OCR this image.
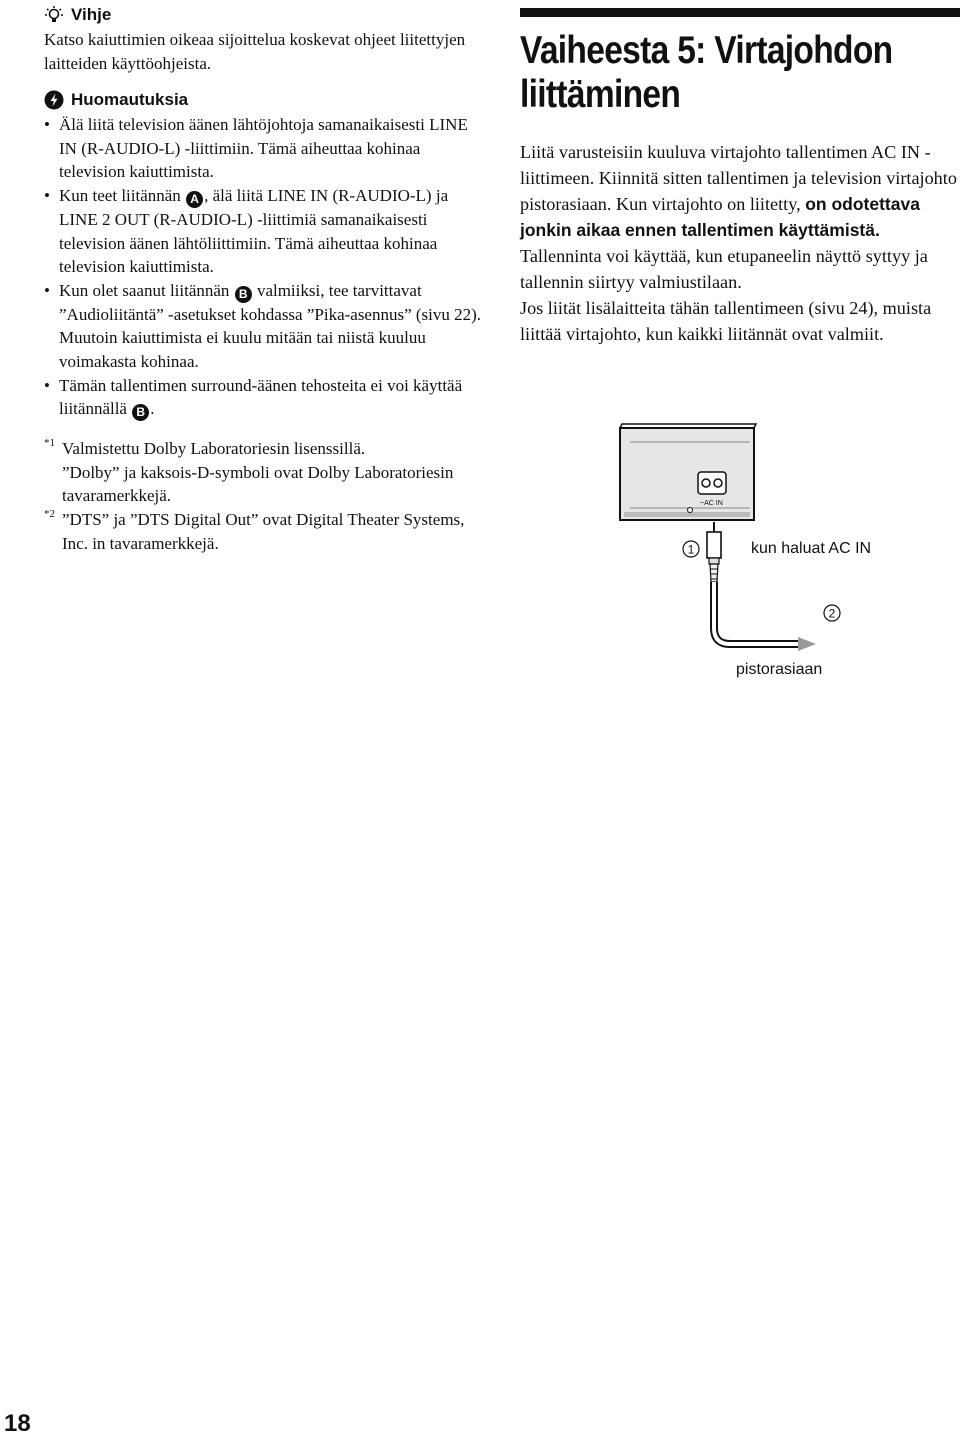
Vihje

Katso kaiuttimien oikeaa sijoittelua koskevat ohjeet liitettyjen laitteiden käyttöohjeista.

Huomautuksia
• Älä liitä television äänen lähtöjohtoja samanaikaisesti LINE IN (R-AUDIO-L) -liittimiin. Tämä aiheuttaa kohinaa television kaiuttimista.
• Kun teet liitännän A , älä liitä LINE IN (R-AUDIO-L) ja LINE 2 OUT (R-AUDIO-L) -liittimiä samanaikaisesti television äänen lähtöliittimiin. Tämä aiheuttaa kohinaa television kaiuttimista.
• Kun olet saanut liitännän B valmiiksi, tee tarvittavat ”Audioliitäntä” -asetukset kohdassa ”Pika-asennus” (sivu 22). Muutoin kaiuttimista ei kuulu mitään tai niistä kuuluu voimakasta kohinaa.
• Tämän tallentimen surround-äänen tehosteita ei voi käyttää liitännällä B .
*1 Valmistettu Dolby Laboratoriesin lisenssillä.
”Dolby” ja kaksois-D-symboli ovat Dolby Laboratoriesin tavaramerkkejä.
*2 ”DTS” ja ”DTS Digital Out” ovat Digital Theater Systems, Inc. in tavaramerkkejä.
Vaiheesta 5: Virtajohdon liittäminen

Liitä varusteisiin kuuluva virtajohto tallentimen AC IN -liittimeen. Kiinnitä sitten tallentimen ja television virtajohto pistorasiaan. Kun virtajohto on liitetty, on odotettava jonkin aikaa ennen tallentimen käyttämistä. Tallenninta voi käyttää, kun etupaneelin näyttö syttyy ja tallennin siirtyy valmiustilaan.

Jos liität lisälaitteita tähän tallentimeen (sivu 24), muista liittää virtajohto, kun kaikki liitännät ovat valmiit.

~AC IN
1
2
kun haluat AC IN
pistorasiaan
18
